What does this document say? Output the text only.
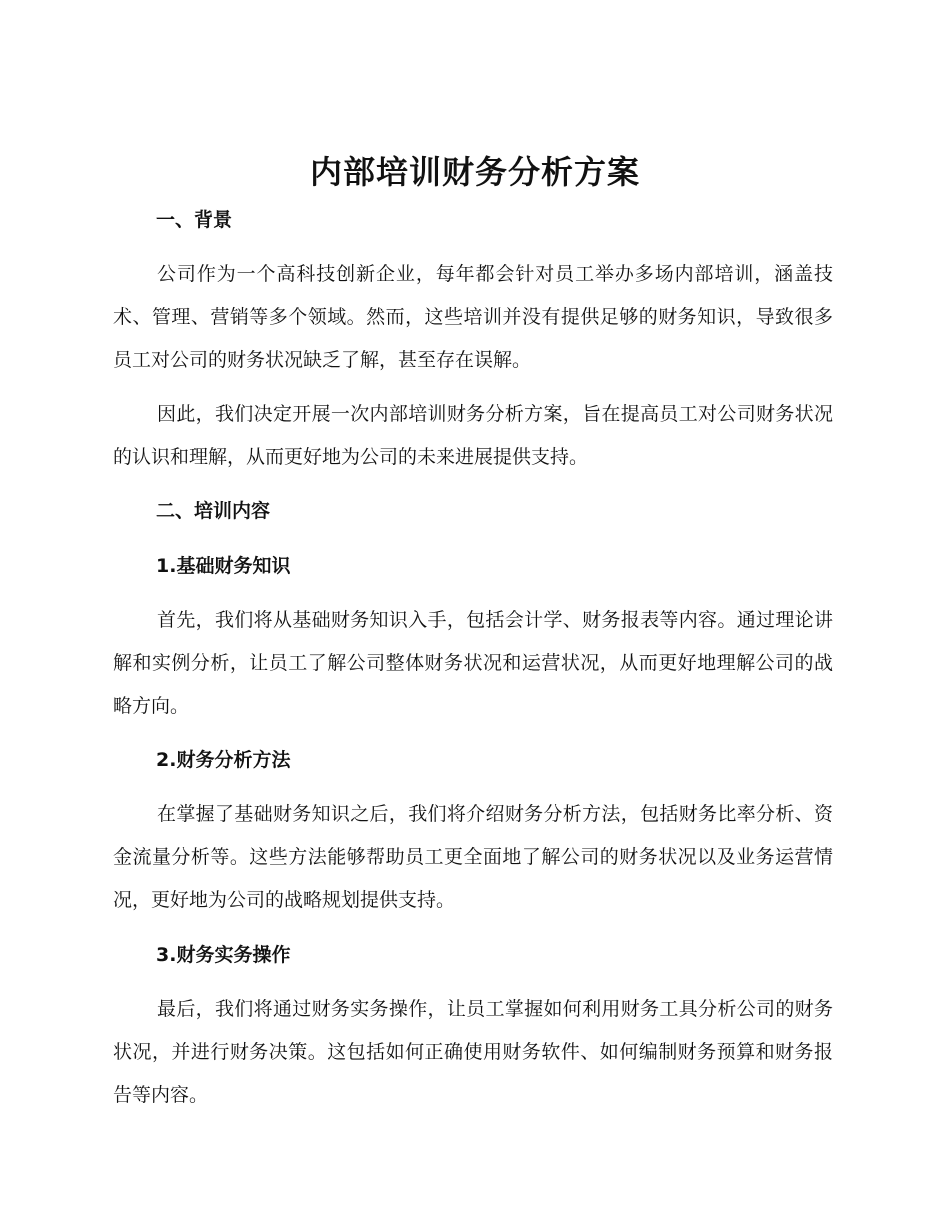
内部培训财务分析方案
一、背景

公司作为一个高科技创新企业，每年都会针对员工举办多场内部培训，涵盖技术、管理、营销等多个领域。然而，这些培训并没有提供足够的财务知识，导致很多员工对公司的财务状况缺乏了解，甚至存在误解。

因此，我们决定开展一次内部培训财务分析方案，旨在提高员工对公司财务状况的认识和理解，从而更好地为公司的未来进展提供支持。

二、培训内容
1.基础财务知识

首先，我们将从基础财务知识入手，包括会计学、财务报表等内容。通过理论讲解和实例分析，让员工了解公司整体财务状况和运营状况，从而更好地理解公司的战略方向。

2.财务分析方法

在掌握了基础财务知识之后，我们将介绍财务分析方法，包括财务比率分析、资金流量分析等。这些方法能够帮助员工更全面地了解公司的财务状况以及业务运营情况，更好地为公司的战略规划提供支持。

3.财务实务操作

最后，我们将通过财务实务操作，让员工掌握如何利用财务工具分析公司的财务状况，并进行财务决策。这包括如何正确使用财务软件、如何编制财务预算和财务报告等内容。
